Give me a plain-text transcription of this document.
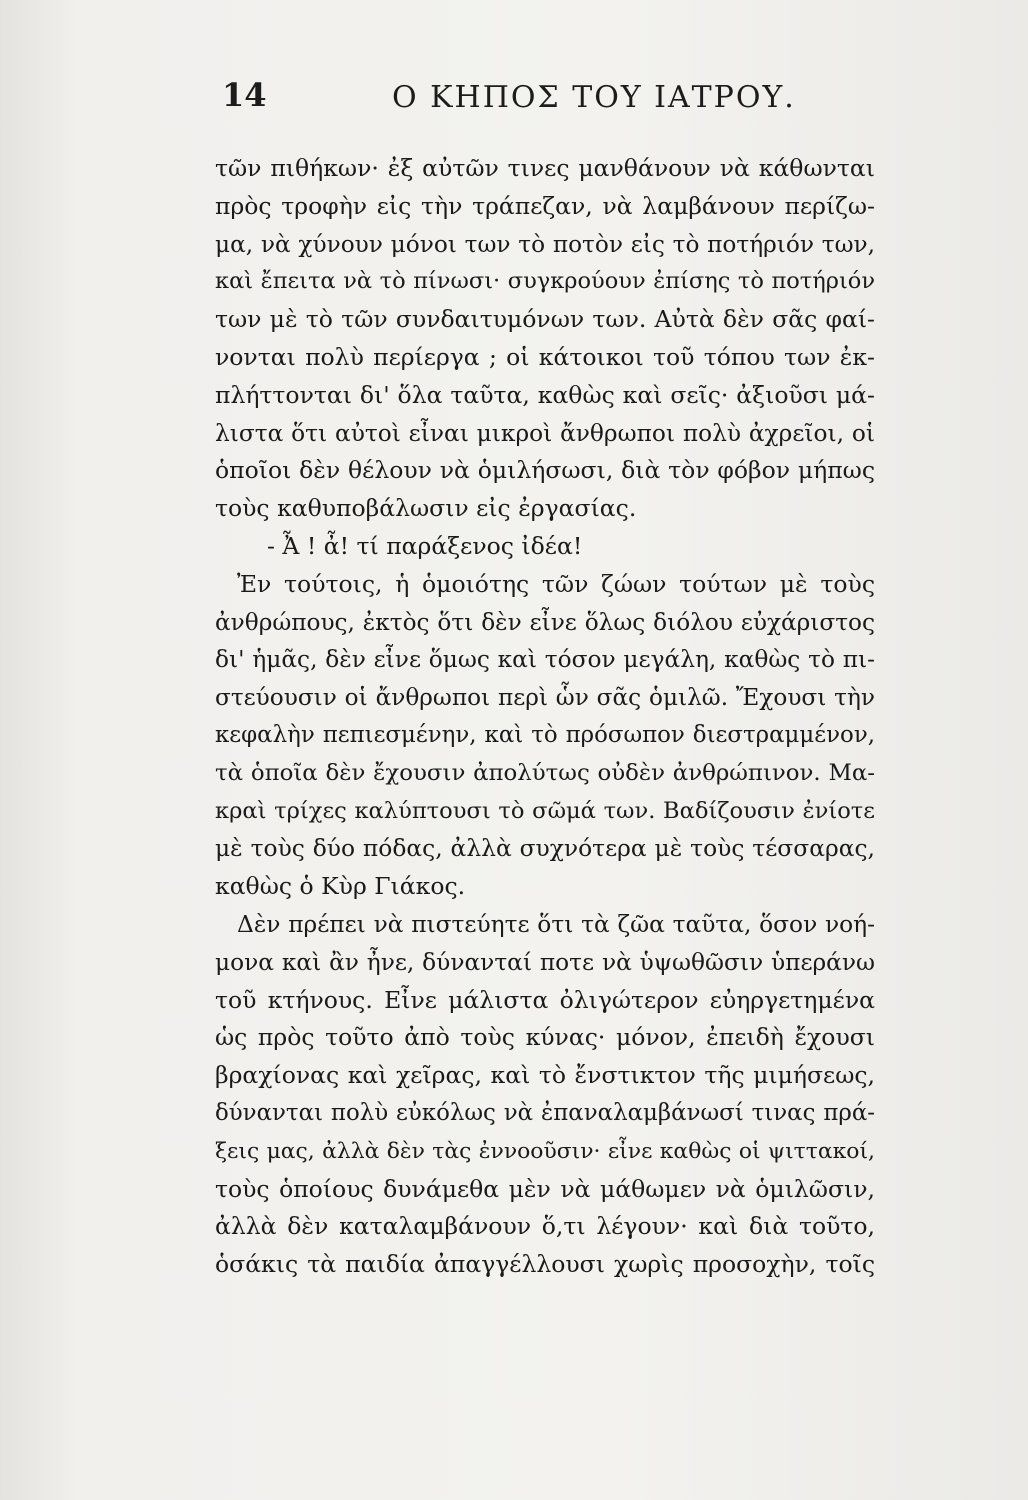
14	Ο ΚΗΠΟΣ ΤΟΥ ΙΑΤΡΟΥ.
τῶν πιθήκων· ἐξ αὐτῶν τινες μανθάνουν νὰ κάθωνται
πρὸς τροφὴν εἰς τὴν τράπεζαν, νὰ λαμβάνουν περίζω-
μα, νὰ χύνουν μόνοι των τὸ ποτὸν εἰς τὸ ποτήριόν των,
καὶ ἔπειτα νὰ τὸ πίνωσι· συγκρούουν ἐπίσης τὸ ποτήριόν
των μὲ τὸ τῶν συνδαιτυμόνων των. Αὐτὰ δὲν σᾶς φαί-
νονται πολὺ περίεργα ; οἱ κάτοικοι τοῦ τόπου των ἐκ-
πλήττονται δι' ὅλα ταῦτα, καθὼς καὶ σεῖς· ἀξιοῦσι μά-
λιστα ὅτι αὐτοὶ εἶναι μικροὶ ἄνθρωποι πολὺ ἀχρεῖοι, οἱ
ὁποῖοι δὲν θέλουν νὰ ὁμιλήσωσι, διὰ τὸν φόβον μήπως
τοὺς καθυποβάλωσιν εἰς ἐργασίας.
- Ἆ ! ἆ! τί παράξενος ἰδέα!
Ἐν τούτοις, ἡ ὁμοιότης τῶν ζώων τούτων μὲ τοὺς
ἀνθρώπους, ἐκτὸς ὅτι δὲν εἶνε ὅλως διόλου εὐχάριστος
δι' ἡμᾶς, δὲν εἶνε ὅμως καὶ τόσον μεγάλη, καθὼς τὸ πι-
στεύουσιν οἱ ἄνθρωποι περὶ ὧν σᾶς ὁμιλῶ. Ἔχουσι τὴν
κεφαλὴν πεπιεσμένην, καὶ τὸ πρόσωπον διεστραμμένον,
τὰ ὁποῖα δὲν ἔχουσιν ἀπολύτως οὐδὲν ἀνθρώπινον. Μα-
κραὶ τρίχες καλύπτουσι τὸ σῶμά των. Βαδίζουσιν ἐνίοτε
μὲ τοὺς δύο πόδας, ἀλλὰ συχνότερα μὲ τοὺς τέσσαρας,
καθὼς ὁ Κὺρ Γιάκος.
Δὲν πρέπει νὰ πιστεύητε ὅτι τὰ ζῶα ταῦτα, ὅσον νοή-
μονα καὶ ἂν ἦνε, δύνανταί ποτε νὰ ὑψωθῶσιν ὑπεράνω
τοῦ κτήνους. Εἶνε μάλιστα ὀλιγώτερον εὐηργετημένα
ὡς πρὸς τοῦτο ἀπὸ τοὺς κύνας· μόνον, ἐπειδὴ ἔχουσι
βραχίονας καὶ χεῖρας, καὶ τὸ ἔνστικτον τῆς μιμήσεως,
δύνανται πολὺ εὐκόλως νὰ ἐπαναλαμβάνωσί τινας πρά-
ξεις μας, ἀλλὰ δὲν τὰς ἐννοοῦσιν· εἶνε καθὼς οἱ ψιττακοί,
τοὺς ὁποίους δυνάμεθα μὲν νὰ μάθωμεν νὰ ὁμιλῶσιν,
ἀλλὰ δὲν καταλαμβάνουν ὅ,τι λέγουν· καὶ διὰ τοῦτο,
ὁσάκις τὰ παιδία ἀπαγγέλλουσι χωρὶς προσοχὴν, τοῖς
